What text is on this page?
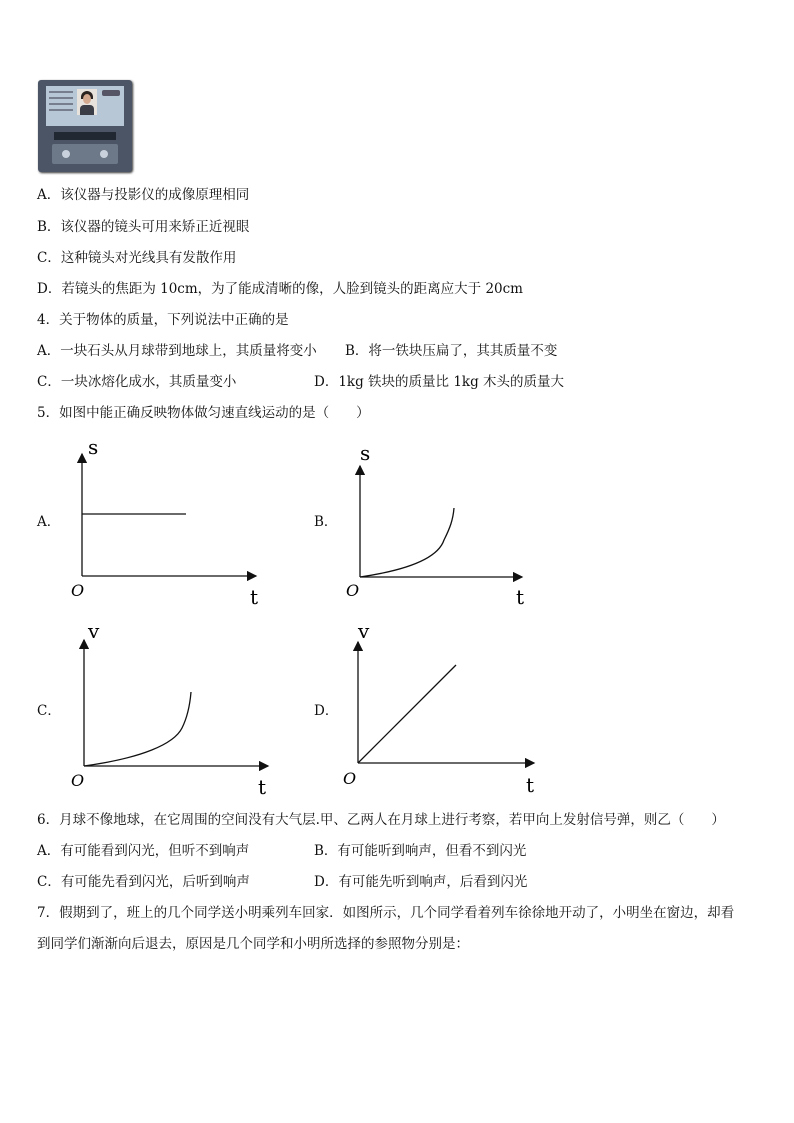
A．该仪器与投影仪的成像原理相同
B．该仪器的镜头可用来矫正近视眼
C．这种镜头对光线具有发散作用
D．若镜头的焦距为 10cm，为了能成清晰的像，人脸到镜头的距离应大于 20cm
4．关于物体的质量，下列说法中正确的是
A．一块石头从月球带到地球上，其质量将变小 B．将一铁块压扁了，其其质量不变
C．一块冰熔化成水，其质量变小	D．1kg 铁块的质量比 1kg 木头的质量大
5．如图中能正确反映物体做匀速直线运动的是（　　）
A．
s
t
O
B．
s
t
O
C．
v
t
O
D．
v
t
O
6．月球不像地球，在它周围的空间没有大气层.甲、乙两人在月球上进行考察，若甲向上发射信号弹，则乙（　　）
A．有可能看到闪光，但听不到响声	B．有可能听到响声，但看不到闪光
C．有可能先看到闪光，后听到响声	D．有可能先听到响声，后看到闪光
7．假期到了，班上的几个同学送小明乘列车回家．如图所示，几个同学看着列车徐徐地开动了，小明坐在窗边，却看
到同学们渐渐向后退去，原因是几个同学和小明所选择的参照物分别是：
